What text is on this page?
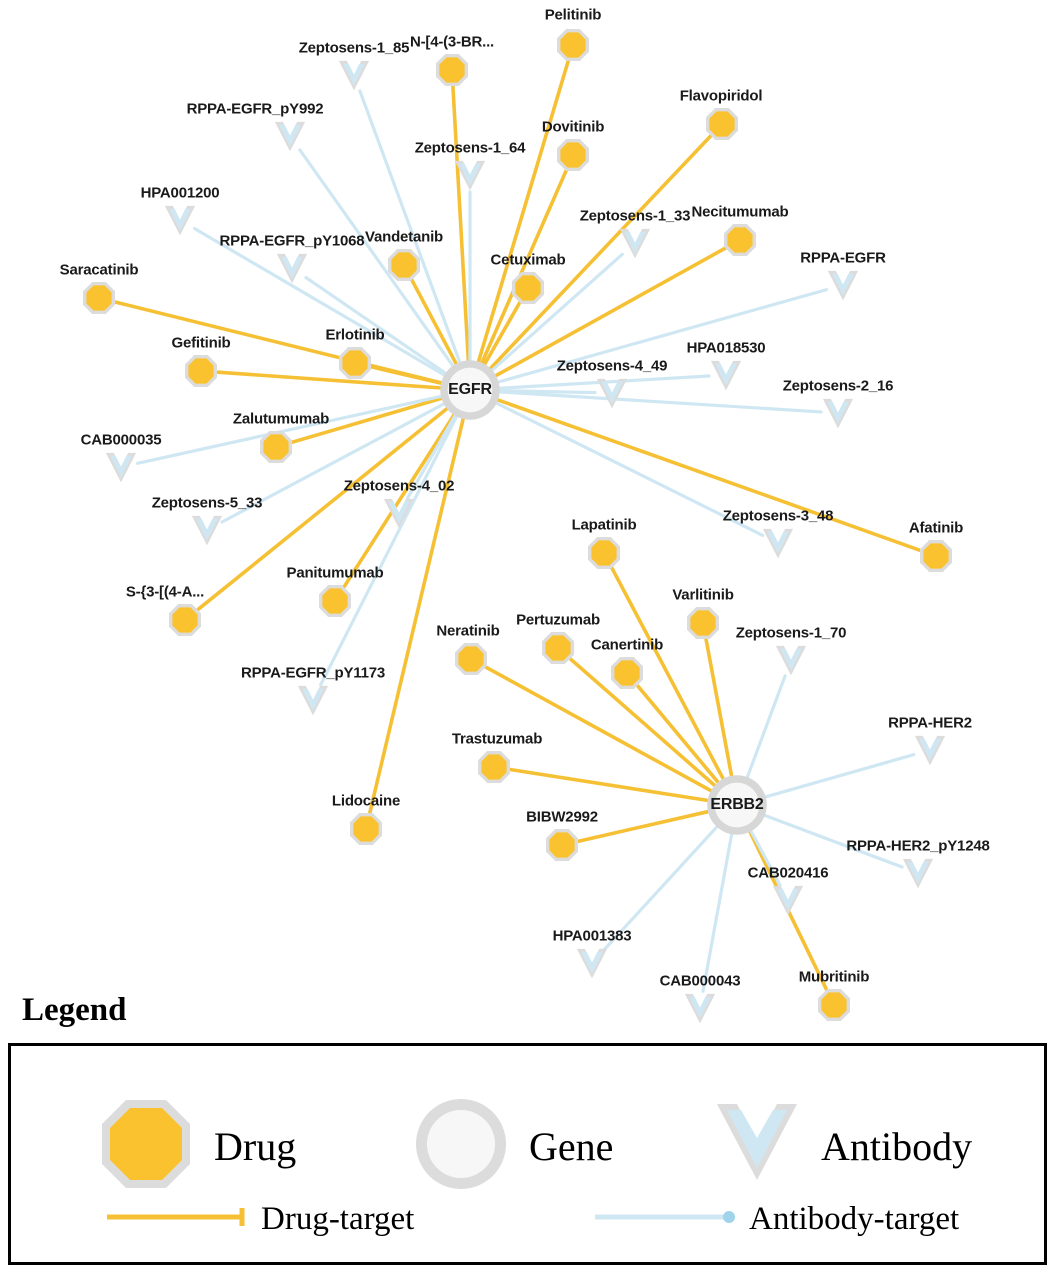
Pelitinib
N-[4-(3-BR...
Flavopiridol
Dovitinib
Necitumumab
Vandetanib
Cetuximab
Saracatinib
Erlotinib
Gefitinib
Zalutumumab
Afatinib
Lapatinib
Varlitinib
Panitumumab
S-{3-[(4-A...
Pertuzumab
Neratinib
Canertinib
Trastuzumab
Lidocaine
BIBW2992
Mubritinib
Zeptosens-1_85
RPPA-EGFR_pY992
Zeptosens-1_64
HPA001200
Zeptosens-1_33
RPPA-EGFR_pY1068
RPPA-EGFR
Zeptosens-4_49
HPA018530
Zeptosens-2_16
CAB000035
Zeptosens-4_02
Zeptosens-5_33
Zeptosens-3_48
Zeptosens-1_70
RPPA-EGFR_pY1173
RPPA-HER2
RPPA-HER2_pY1248
CAB020416
HPA001383
CAB000043
EGFR
ERBB2
Legend
Drug	Gene	Antibody
Drug-target	Antibody-target
